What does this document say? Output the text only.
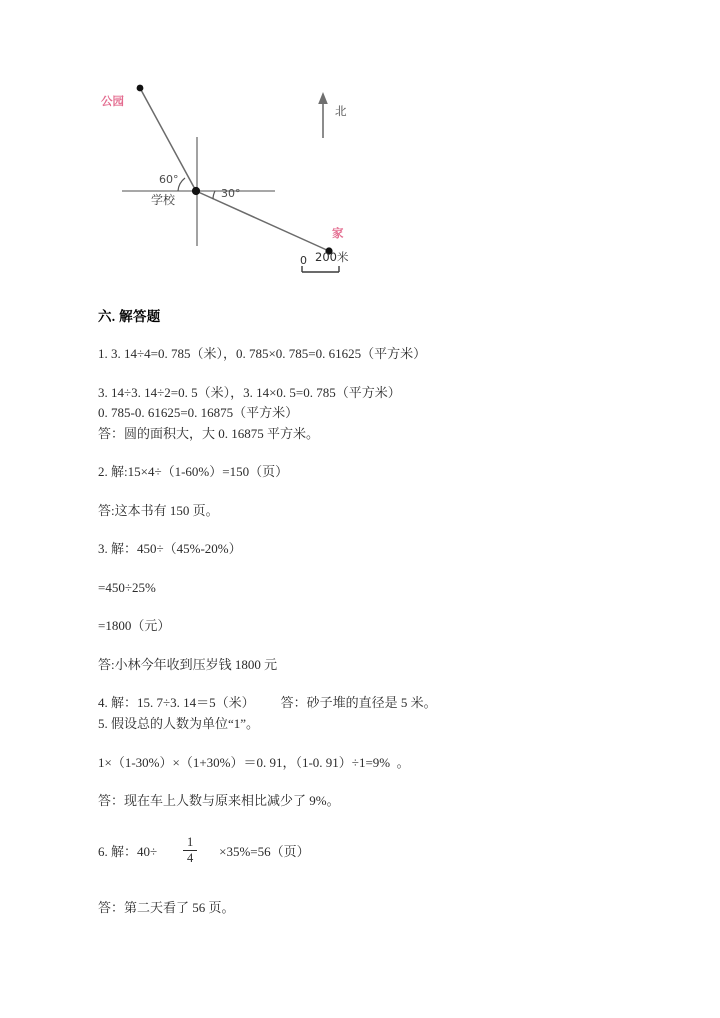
公园
北
家
学校
60°
30°
0 200米
六. 解答题

1. 3. 14÷4=0. 785（米），0. 785×0. 785=0. 61625（平方米）

3. 14÷3. 14÷2=0. 5（米），3. 14×0. 5=0. 785（平方米）

0. 785-0. 61625=0. 16875（平方米）

答：圆的面积大，大 0. 16875 平方米。

2. 解:15×4÷（1-60%）=150（页）

答:这本书有 150 页。

3. 解：450÷（45%-20%）

=450÷25%

=1800（元）

答:小林今年收到压岁钱 1800 元

4. 解：15. 7÷3. 14＝5（米）        答：砂子堆的直径是 5 米。

5. 假设总的人数为单位“1”。

1×（1-30%）×（1+30%）＝0. 91，（1-0. 91）÷1=9%  。

答：现在车上人数与原来相比减少了 9%。

6. 解：$40\div \frac{1}{4} \times 35\%=56$（页）

答：第二天看了 56 页。
